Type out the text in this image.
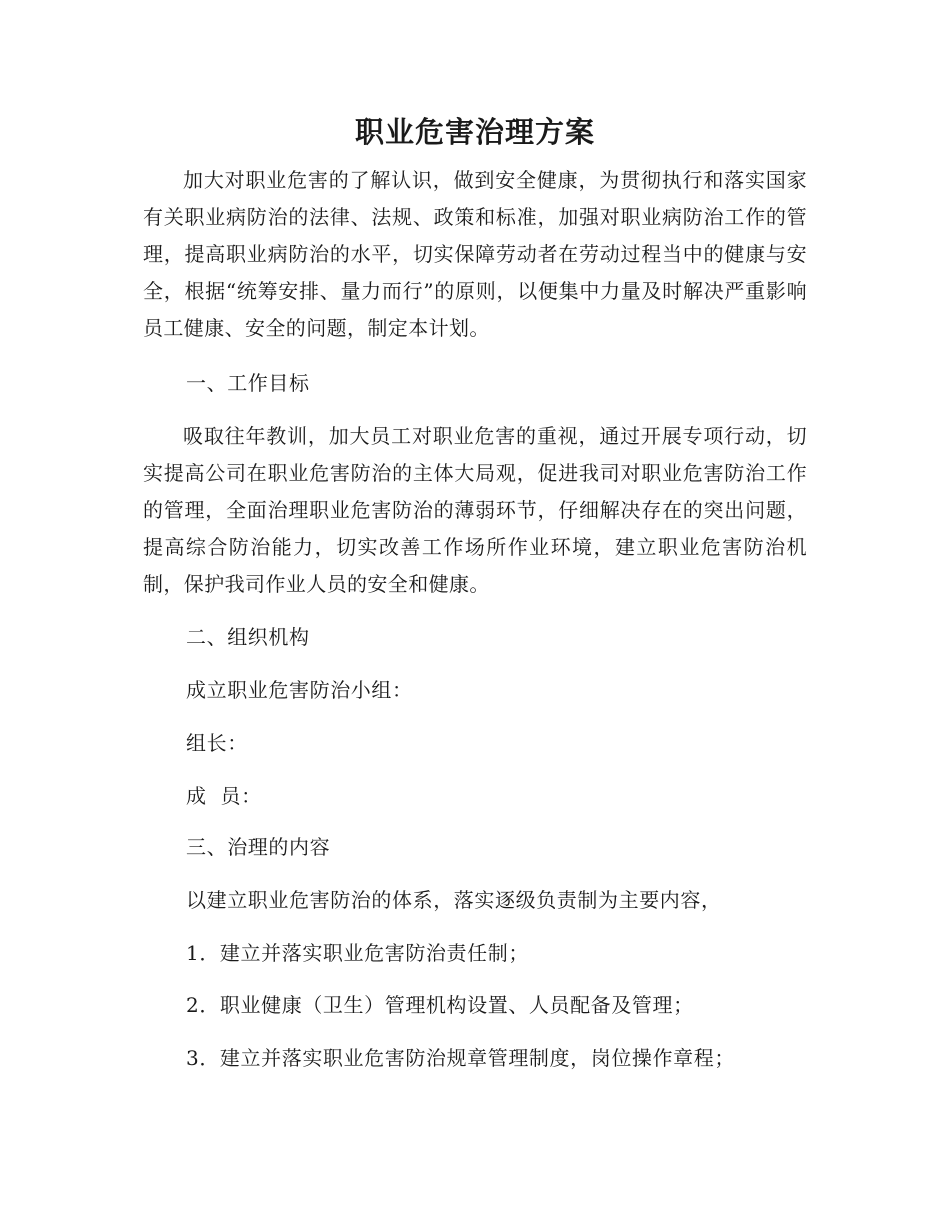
职业危害治理方案
加大对职业危害的了解认识，做到安全健康，为贯彻执行和落实国家有关职业病防治的法律、法规、政策和标准，加强对职业病防治工作的管理，提高职业病防治的水平，切实保障劳动者在劳动过程当中的健康与安全，根据“统筹安排、量力而行”的原则，以便集中力量及时解决严重影响员工健康、安全的问题，制定本计划。
一、工作目标
吸取往年教训，加大员工对职业危害的重视，通过开展专项行动，切实提高公司在职业危害防治的主体大局观，促进我司对职业危害防治工作的管理，全面治理职业危害防治的薄弱环节，仔细解决存在的突出问题，提高综合防治能力，切实改善工作场所作业环境，建立职业危害防治机制，保护我司作业人员的安全和健康。
二、组织机构
成立职业危害防治小组：
组长：
成  员：
三、治理的内容
以建立职业危害防治的体系，落实逐级负责制为主要内容，
1．建立并落实职业危害防治责任制；
2．职业健康（卫生）管理机构设置、人员配备及管理；
3．建立并落实职业危害防治规章管理制度，岗位操作章程；
